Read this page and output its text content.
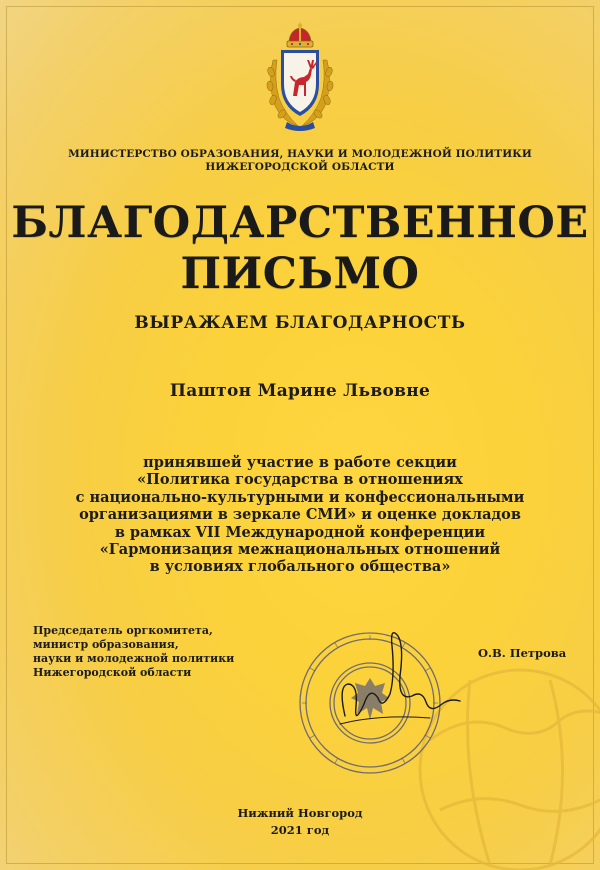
МИНИСТЕРСТВО ОБРАЗОВАНИЯ, НАУКИ И МОЛОДЕЖНОЙ ПОЛИТИКИ
НИЖЕГОРОДСКОЙ ОБЛАСТИ
БЛАГОДАРСТВЕННОЕ
ПИСЬМО
ВЫРАЖАЕМ БЛАГОДАРНОСТЬ
Паштон Марине Львовне
принявшей участие в работе секции
«Политика государства в отношениях
с национально-культурными и конфессиональными
организациями в зеркале СМИ» и оценке докладов
в рамках VII Международной конференции
«Гармонизация межнациональных отношений
в условиях глобального общества»
Председатель оргкомитета,
министр образования,
науки и молодежной политики
Нижегородской области
О.В. Петрова
Нижний Новгород
2021 год
